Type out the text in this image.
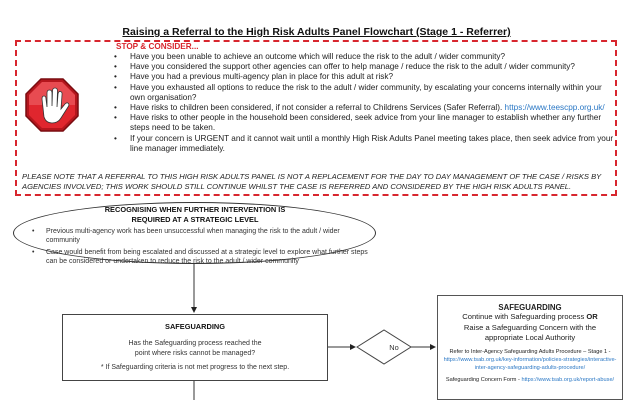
Raising a Referral to the High Risk Adults Panel Flowchart (Stage 1 - Referrer)
STOP & CONSIDER...
• Have you been unable to achieve an outcome which will reduce the risk to the adult / wider community?
• Have you considered the support other agencies can offer to help manage / reduce the risk to the adult / wider community?
• Have you had a previous multi-agency plan in place for this adult at risk?
• Have you exhausted all options to reduce the risk to the adult / wider community, by escalating your concerns internally within your own organisation?
• Have risks to children been considered, if not consider a referral to Childrens Services (Safer Referral). https://www.teescpp.org.uk/
• Have risks to other people in the household been considered, seek advice from your line manager to establish whether any further steps need to be taken.
• If your concern is URGENT and it cannot wait until a monthly High Risk Adults Panel meeting takes place, then seek advice from your line manager immediately.
PLEASE NOTE THAT A REFERRAL TO THIS HIGH RISK ADULTS PANEL IS NOT A REPLACEMENT FOR THE DAY TO DAY MANAGEMENT OF THE CASE / RISKS BY AGENCIES INVOLVED; THIS WORK SHOULD STILL CONTINUE WHILST THE CASE IS REFERRED AND CONSIDERED BY THE HIGH RISK ADULTS PANEL.
RECOGNISING WHEN FURTHER INTERVENTION IS
REQUIRED AT A STRATEGIC LEVEL
• Previous multi-agency work has been unsuccessful when managing the risk to the adult / wider community
• Case would benefit from being escalated and discussed at a strategic level to explore what further steps can be considered or undertaken to reduce the risk to the adult / wider community
No
SAFEGUARDING
Has the Safeguarding process reached the
point where risks cannot be managed?
* If Safeguarding criteria is not met progress to the next step.
SAFEGUARDING
Continue with Safeguarding process OR
Raise a Safeguarding Concern with the
appropriate Local Authority
Refer to Inter-Agency Safeguarding Adults Procedure – Stage 1 - https://www.tsab.org.uk/key-information/policies-strategies/interactive-inter-agency-safeguarding-adults-procedure/
Safeguarding Concern Form - https://www.tsab.org.uk/report-abuse/
